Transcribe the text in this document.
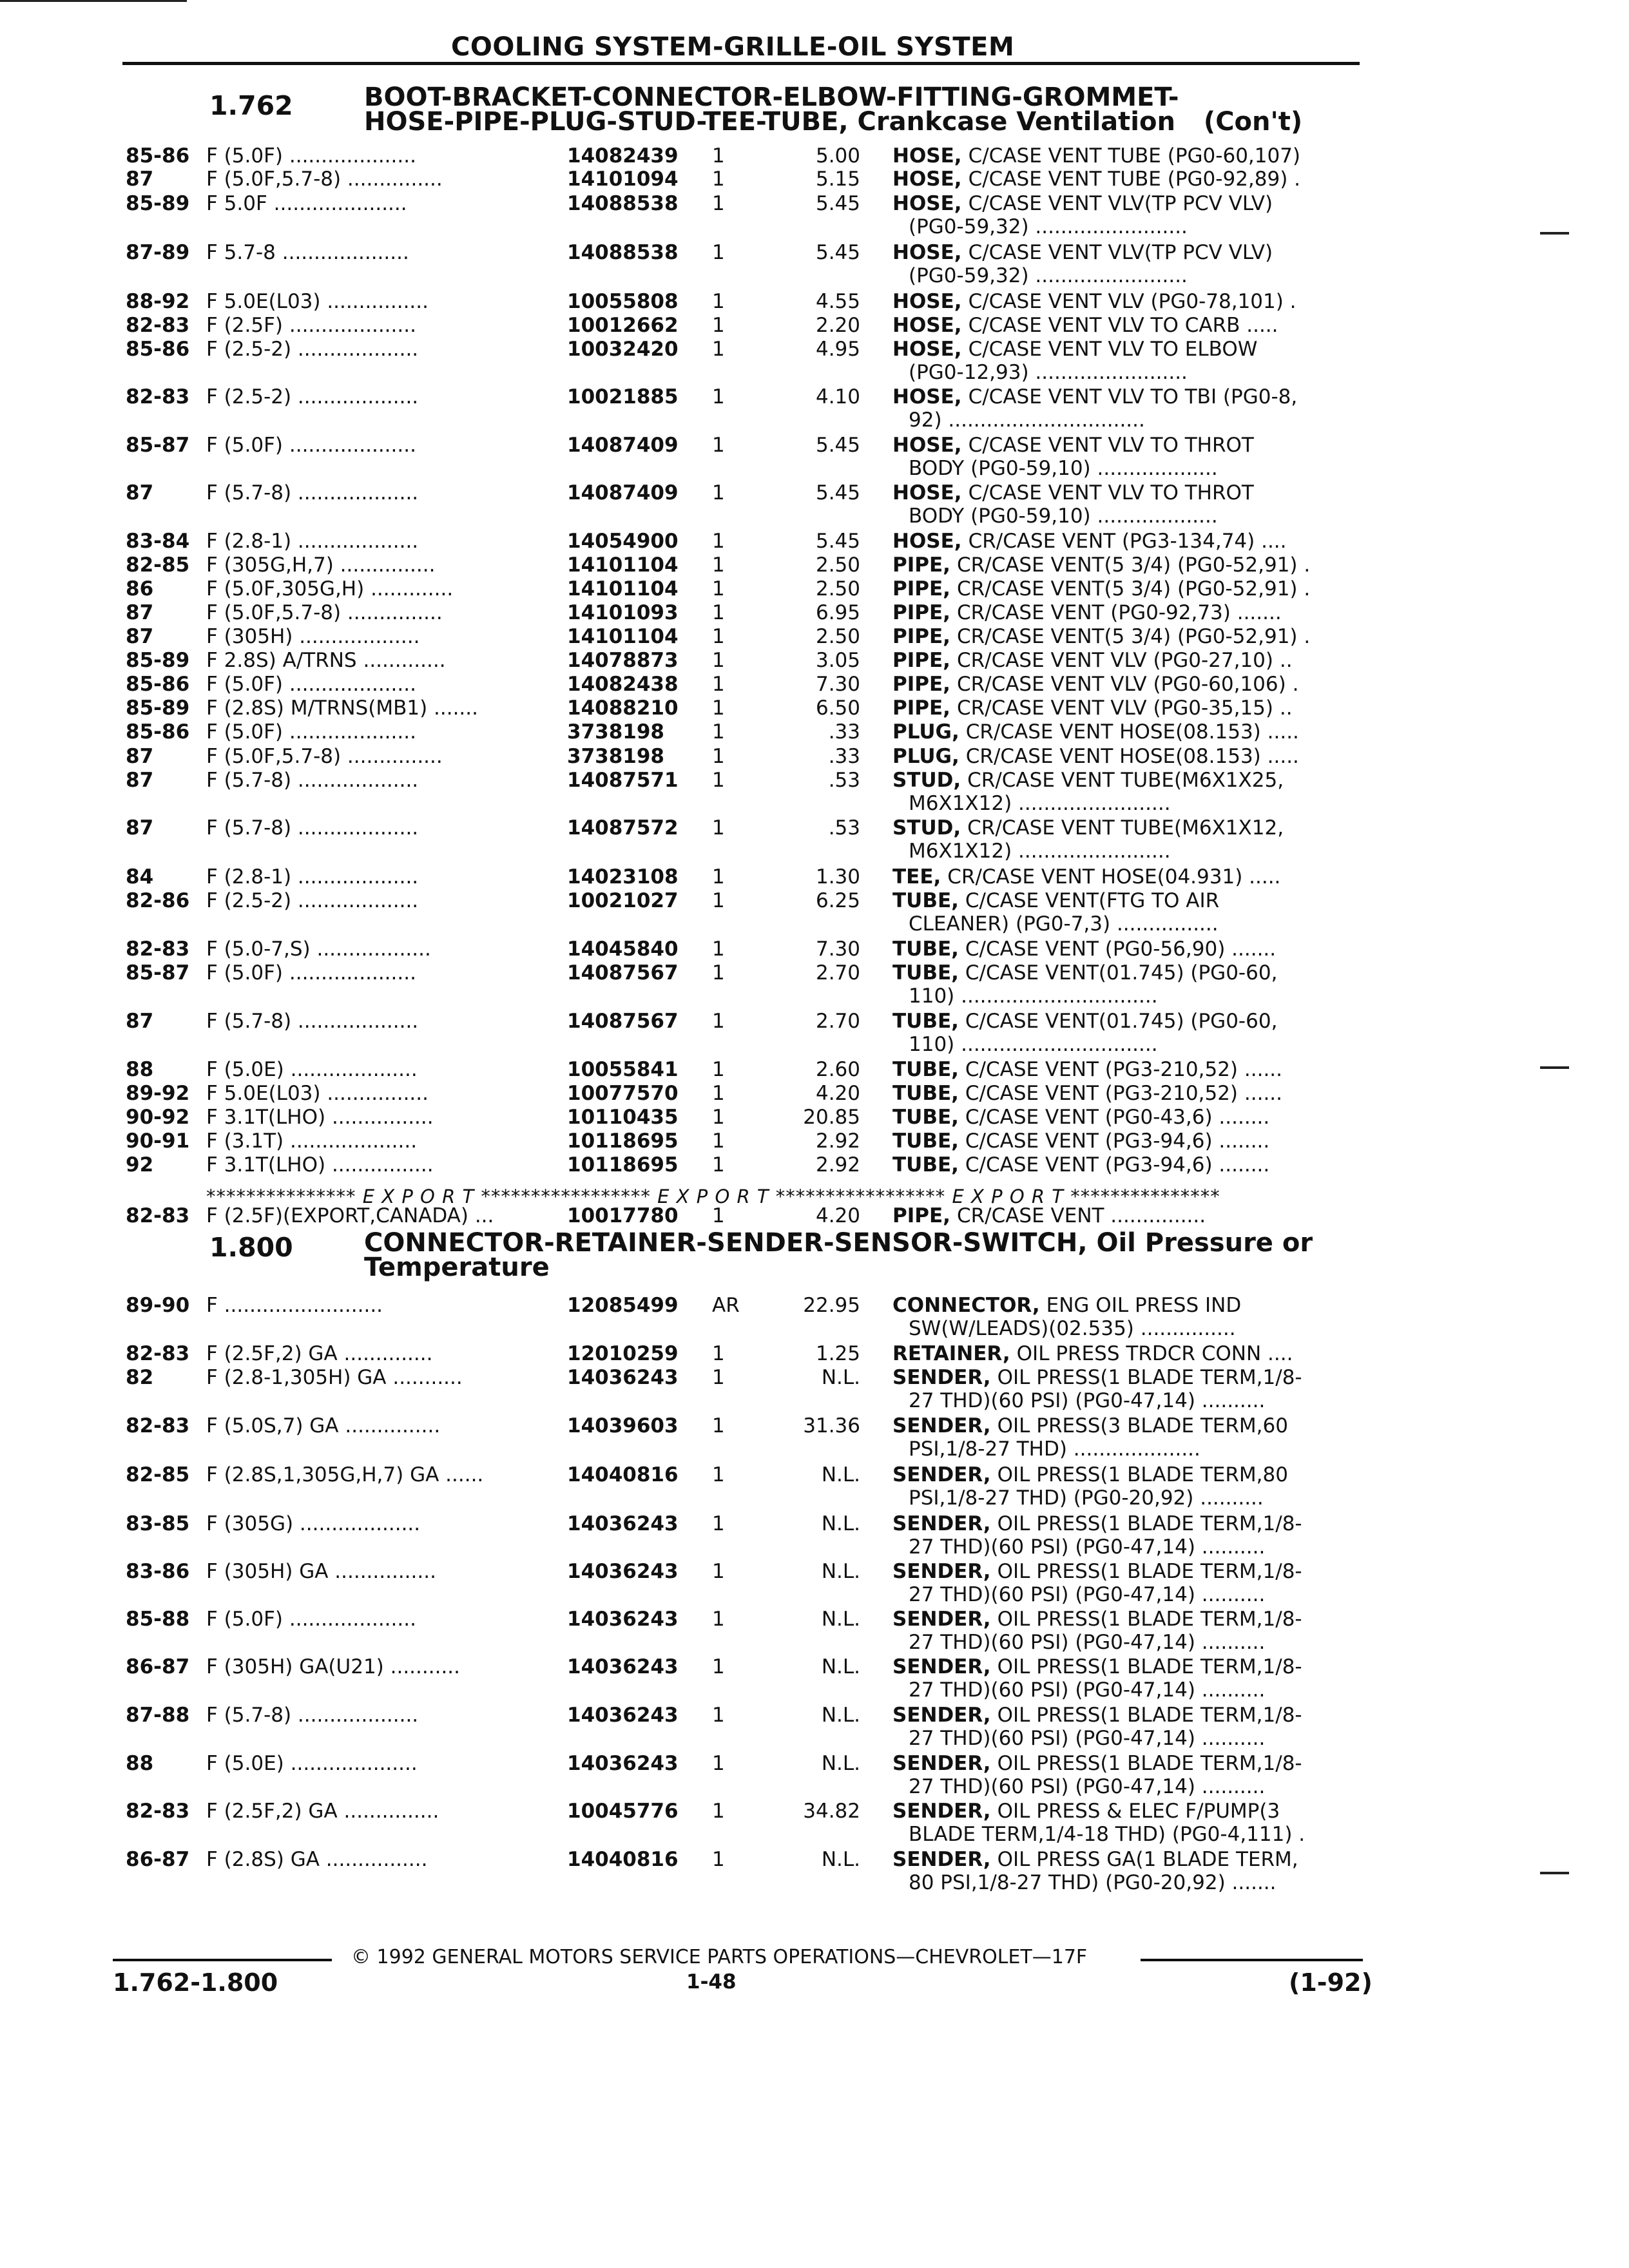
COOLING SYSTEM-GRILLE-OIL SYSTEM
1.762	BOOT-BRACKET-CONNECTOR-ELBOW-FITTING-GROMMET-
HOSE-PIPE-PLUG-STUD-TEE-TUBE, Crankcase Ventilation (Con't)
1.800	CONNECTOR-RETAINER-SENDER-SENSOR-SWITCH, Oil Pressure or
Temperature
85-86 F (5.0F) ....................	14082439 1	5.00 HOSE, C/CASE VENT TUBE (PG0-60,107)
87	F (5.0F,5.7-8) ...............	14101094 1	5.15 HOSE, C/CASE VENT TUBE (PG0-92,89) .
85-89 F 5.0F .....................	14088538 1	5.45 HOSE, C/CASE VENT VLV(TP PCV VLV)
(PG0-59,32) ........................
87-89 F 5.7-8 ....................	14088538 1	5.45 HOSE, C/CASE VENT VLV(TP PCV VLV)
(PG0-59,32) ........................
88-92 F 5.0E(L03) ................	10055808 1	4.55 HOSE, C/CASE VENT VLV (PG0-78,101) .
82-83 F (2.5F) ....................	10012662 1	2.20 HOSE, C/CASE VENT VLV TO CARB .....
85-86 F (2.5-2) ...................	10032420 1	4.95 HOSE, C/CASE VENT VLV TO ELBOW
(PG0-12,93) ........................
82-83 F (2.5-2) ...................	10021885 1	4.10 HOSE, C/CASE VENT VLV TO TBI (PG0-8,
92) ...............................
85-87 F (5.0F) ....................	14087409 1	5.45 HOSE, C/CASE VENT VLV TO THROT
BODY (PG0-59,10) ...................
87	F (5.7-8) ...................	14087409 1	5.45 HOSE, C/CASE VENT VLV TO THROT
BODY (PG0-59,10) ...................
83-84 F (2.8-1) ...................	14054900 1	5.45 HOSE, CR/CASE VENT (PG3-134,74) ....
82-85 F (305G,H,7) ...............	14101104 1	2.50 PIPE, CR/CASE VENT(5 3/4) (PG0-52,91) .
86	F (5.0F,305G,H) .............	14101104 1	2.50 PIPE, CR/CASE VENT(5 3/4) (PG0-52,91) .
87	F (5.0F,5.7-8) ...............	14101093 1	6.95 PIPE, CR/CASE VENT (PG0-92,73) .......
87	F (305H) ...................	14101104 1	2.50 PIPE, CR/CASE VENT(5 3/4) (PG0-52,91) .
85-89 F 2.8S) A/TRNS .............	14078873 1	3.05 PIPE, CR/CASE VENT VLV (PG0-27,10) ..
85-86 F (5.0F) ....................	14082438 1	7.30 PIPE, CR/CASE VENT VLV (PG0-60,106) .
85-89 F (2.8S) M/TRNS(MB1) .......	14088210 1	6.50 PIPE, CR/CASE VENT VLV (PG0-35,15) ..
85-86 F (5.0F) ....................	3738198 1	.33 PLUG, CR/CASE VENT HOSE(08.153) .....
87	F (5.0F,5.7-8) ...............	3738198 1	.33 PLUG, CR/CASE VENT HOSE(08.153) .....
87	F (5.7-8) ...................	14087571 1	.53 STUD, CR/CASE VENT TUBE(M6X1X25,
M6X1X12) ........................
87	F (5.7-8) ...................	14087572 1	.53 STUD, CR/CASE VENT TUBE(M6X1X12,
M6X1X12) ........................
84	F (2.8-1) ...................	14023108 1	1.30 TEE, CR/CASE VENT HOSE(04.931) .....
82-86 F (2.5-2) ...................	10021027 1	6.25 TUBE, C/CASE VENT(FTG TO AIR
CLEANER) (PG0-7,3) ................
82-83 F (5.0-7,S) ..................	14045840 1	7.30 TUBE, C/CASE VENT (PG0-56,90) .......
85-87 F (5.0F) ....................	14087567 1	2.70 TUBE, C/CASE VENT(01.745) (PG0-60,
110) ...............................
87	F (5.7-8) ...................	14087567 1	2.70 TUBE, C/CASE VENT(01.745) (PG0-60,
110) ...............................
88	F (5.0E) ....................	10055841 1	2.60 TUBE, C/CASE VENT (PG3-210,52) ......
89-92 F 5.0E(L03) ................	10077570 1	4.20 TUBE, C/CASE VENT (PG3-210,52) ......
90-92 F 3.1T(LHO) ................	10110435 1	20.85 TUBE, C/CASE VENT (PG0-43,6) ........
90-91 F (3.1T) ....................	10118695 1	2.92 TUBE, C/CASE VENT (PG3-94,6) ........
92	F 3.1T(LHO) ................	10118695 1	2.92 TUBE, C/CASE VENT (PG3-94,6) ........
82-83 F (2.5F)(EXPORT,CANADA) ...	10017780 1	4.20 PIPE, CR/CASE VENT ...............
89-90 F .........................	12085499 AR	22.95 CONNECTOR, ENG OIL PRESS IND
SW(W/LEADS)(02.535) ...............
82-83 F (2.5F,2) GA ..............	12010259 1	1.25 RETAINER, OIL PRESS TRDCR CONN ....
82	F (2.8-1,305H) GA ...........	14036243 1	N.L. SENDER, OIL PRESS(1 BLADE TERM,1/8-
27 THD)(60 PSI) (PG0-47,14) ..........
82-83 F (5.0S,7) GA ...............	14039603 1	31.36 SENDER, OIL PRESS(3 BLADE TERM,60
PSI,1/8-27 THD) ....................
82-85 F (2.8S,1,305G,H,7) GA ......	14040816 1	N.L. SENDER, OIL PRESS(1 BLADE TERM,80
PSI,1/8-27 THD) (PG0-20,92) ..........
83-85 F (305G) ...................	14036243 1	N.L. SENDER, OIL PRESS(1 BLADE TERM,1/8-
27 THD)(60 PSI) (PG0-47,14) ..........
83-86 F (305H) GA ................	14036243 1	N.L. SENDER, OIL PRESS(1 BLADE TERM,1/8-
27 THD)(60 PSI) (PG0-47,14) ..........
85-88 F (5.0F) ....................	14036243 1	N.L. SENDER, OIL PRESS(1 BLADE TERM,1/8-
27 THD)(60 PSI) (PG0-47,14) ..........
86-87 F (305H) GA(U21) ...........	14036243 1	N.L. SENDER, OIL PRESS(1 BLADE TERM,1/8-
27 THD)(60 PSI) (PG0-47,14) ..........
87-88 F (5.7-8) ...................	14036243 1	N.L. SENDER, OIL PRESS(1 BLADE TERM,1/8-
27 THD)(60 PSI) (PG0-47,14) ..........
88	F (5.0E) ....................	14036243 1	N.L. SENDER, OIL PRESS(1 BLADE TERM,1/8-
27 THD)(60 PSI) (PG0-47,14) ..........
82-83 F (2.5F,2) GA ...............	10045776 1	34.82 SENDER, OIL PRESS & ELEC F/PUMP(3
BLADE TERM,1/4-18 THD) (PG0-4,111) .
86-87 F (2.8S) GA ................	14040816 1	N.L. SENDER, OIL PRESS GA(1 BLADE TERM,
80 PSI,1/8-27 THD) (PG0-20,92) .......
*************** E X P O R T ***************** E X P O R T ***************** E X P O R T ***************
© 1992 GENERAL MOTORS SERVICE PARTS OPERATIONS—CHEVROLET—17F
1.762-1.800	1-48	(1-92)
